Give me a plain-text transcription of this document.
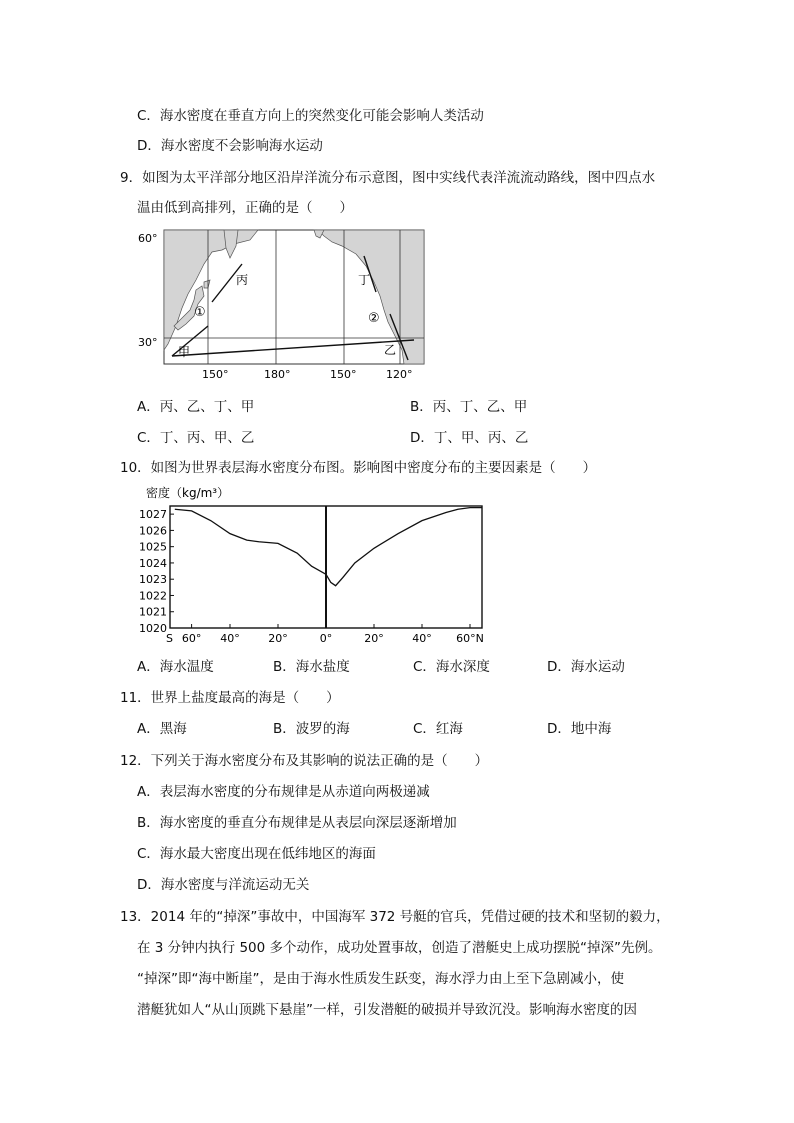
C．海水密度在垂直方向上的突然变化可能会影响人类活动
D．海水密度不会影响海水运动
9．如图为太平洋部分地区沿岸洋流分布示意图，图中实线代表洋流流动路线，图中四点水
温由低到高排列，正确的是（　　）
60°
30°
150°	180°	150°	120°
丙	丁
甲	乙
①	②
A．丙、乙、丁、甲	B．丙、丁、乙、甲
C．丁、丙、甲、乙	D．丁、甲、丙、乙
10．如图为世界表层海水密度分布图。影响图中密度分布的主要因素是（　　）
密度（kg/m³）
1027
1026
1025
1024
1023
1022
1021
1020
S 60° 40°	20°	0°	20°	40° 60°N
A．海水温度	B．海水盐度	C．海水深度	D．海水运动
11．世界上盐度最高的海是（　　）
A．黑海	B．波罗的海	C．红海	D．地中海
12．下列关于海水密度分布及其影响的说法正确的是（　　）
A．表层海水密度的分布规律是从赤道向两极递减
B．海水密度的垂直分布规律是从表层向深层逐渐增加
C．海水最大密度出现在低纬地区的海面
D．海水密度与洋流运动无关
13．2014 年的“掉深”事故中，中国海军 372 号艇的官兵，凭借过硬的技术和坚韧的毅力，
在 3 分钟内执行 500 多个动作，成功处置事故，创造了潜艇史上成功摆脱“掉深”先例。
“掉深”即“海中断崖”，是由于海水性质发生跃变，海水浮力由上至下急剧减小，使
潜艇犹如人“从山顶跳下悬崖”一样，引发潜艇的破损并导致沉没。影响海水密度的因
